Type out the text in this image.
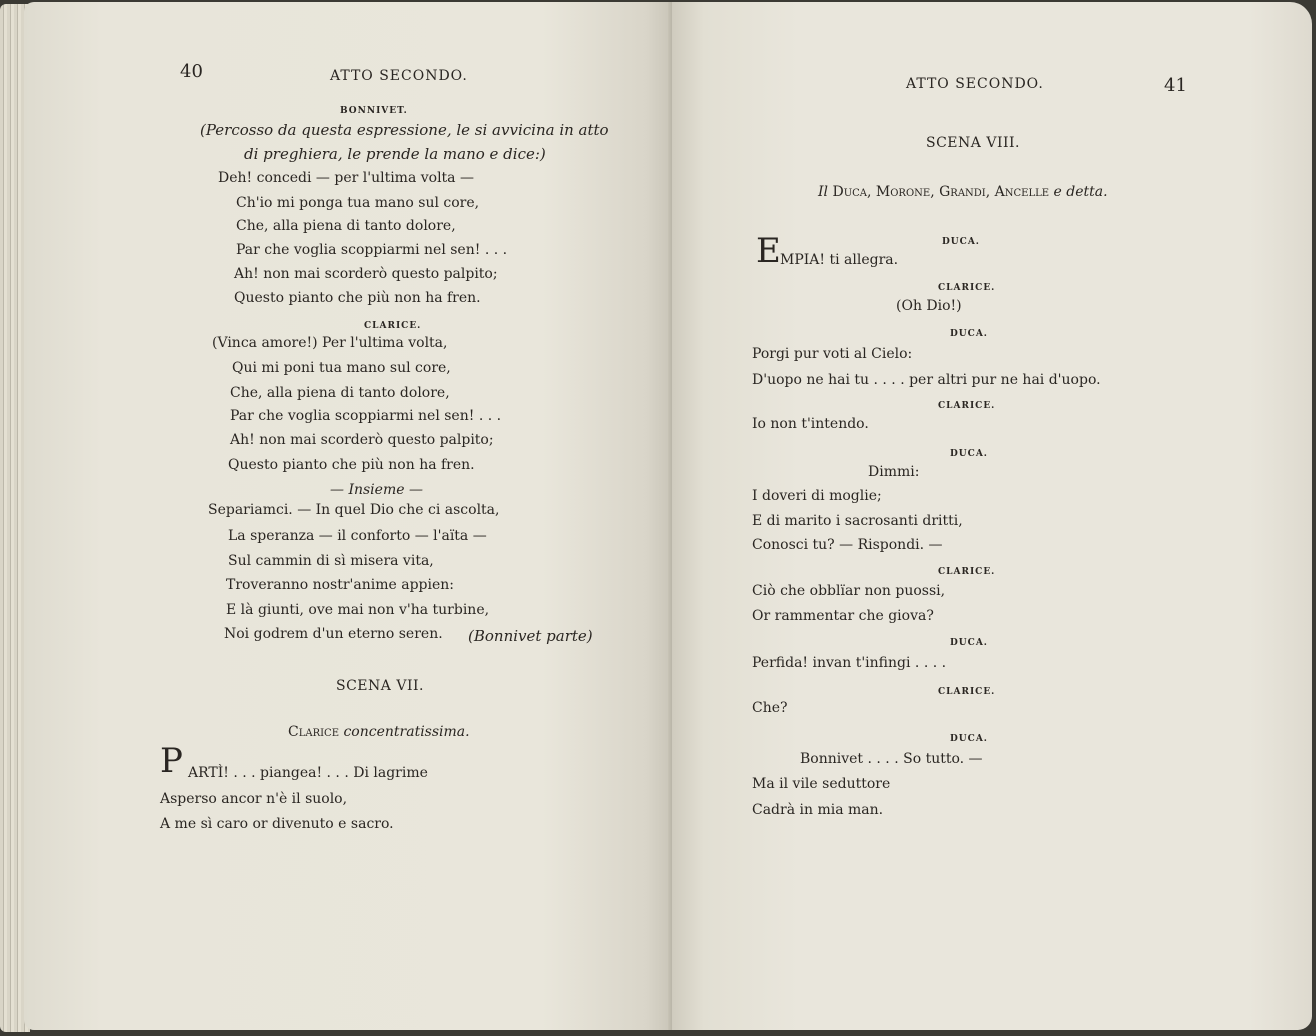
40	ATTO SECONDO.
BONNIVET.
(Percosso da questa espressione, le si avvicina in atto
di preghiera, le prende la mano e dice:)
Deh! concedi — per l'ultima volta —
Ch'io mi ponga tua mano sul core,
Che, alla piena di tanto dolore,
Par che voglia scoppiarmi nel sen! . . .
Ah! non mai scorderò questo palpito;
Questo pianto che più non ha fren.
CLARICE.
(Vinca amore!) Per l'ultima volta,
Qui mi poni tua mano sul core,
Che, alla piena di tanto dolore,
Par che voglia scoppiarmi nel sen! . . .
Ah! non mai scorderò questo palpito;
Questo pianto che più non ha fren.
— Insieme —
Separiamci. — In quel Dio che ci ascolta,
La speranza — il conforto — l'aïta —
Sul cammin di sì misera vita,
Troveranno nostr'anime appien:
E là giunti, ove mai non v'ha turbine,
Noi godrem d'un eterno seren. (Bonnivet parte)
SCENA VII.
Clarice concentratissima.
P ARTÌ! . . . piangea! . . . Di lagrime
Asperso ancor n'è il suolo,
A me sì caro or divenuto e sacro.
ATTO SECONDO.	41
SCENA VIII.
Il Duca, Morone, Grandi, Ancelle e detta.
DUCA.
E MPIA! ti allegra.
CLARICE.
(Oh Dio!)
DUCA.
Porgi pur voti al Cielo:
D'uopo ne hai tu . . . . per altri pur ne hai d'uopo.
CLARICE.
Io non t'intendo.
DUCA.
Dimmi:
I doveri di moglie;
E di marito i sacrosanti dritti,
Conosci tu? — Rispondi. —
CLARICE.
Ciò che obblïar non puossi,
Or rammentar che giova?
DUCA.
Perfida! invan t'infingi . . . .
CLARICE.
Che?
DUCA.
Bonnivet . . . . So tutto. —
Ma il vile seduttore
Cadrà in mia man.
